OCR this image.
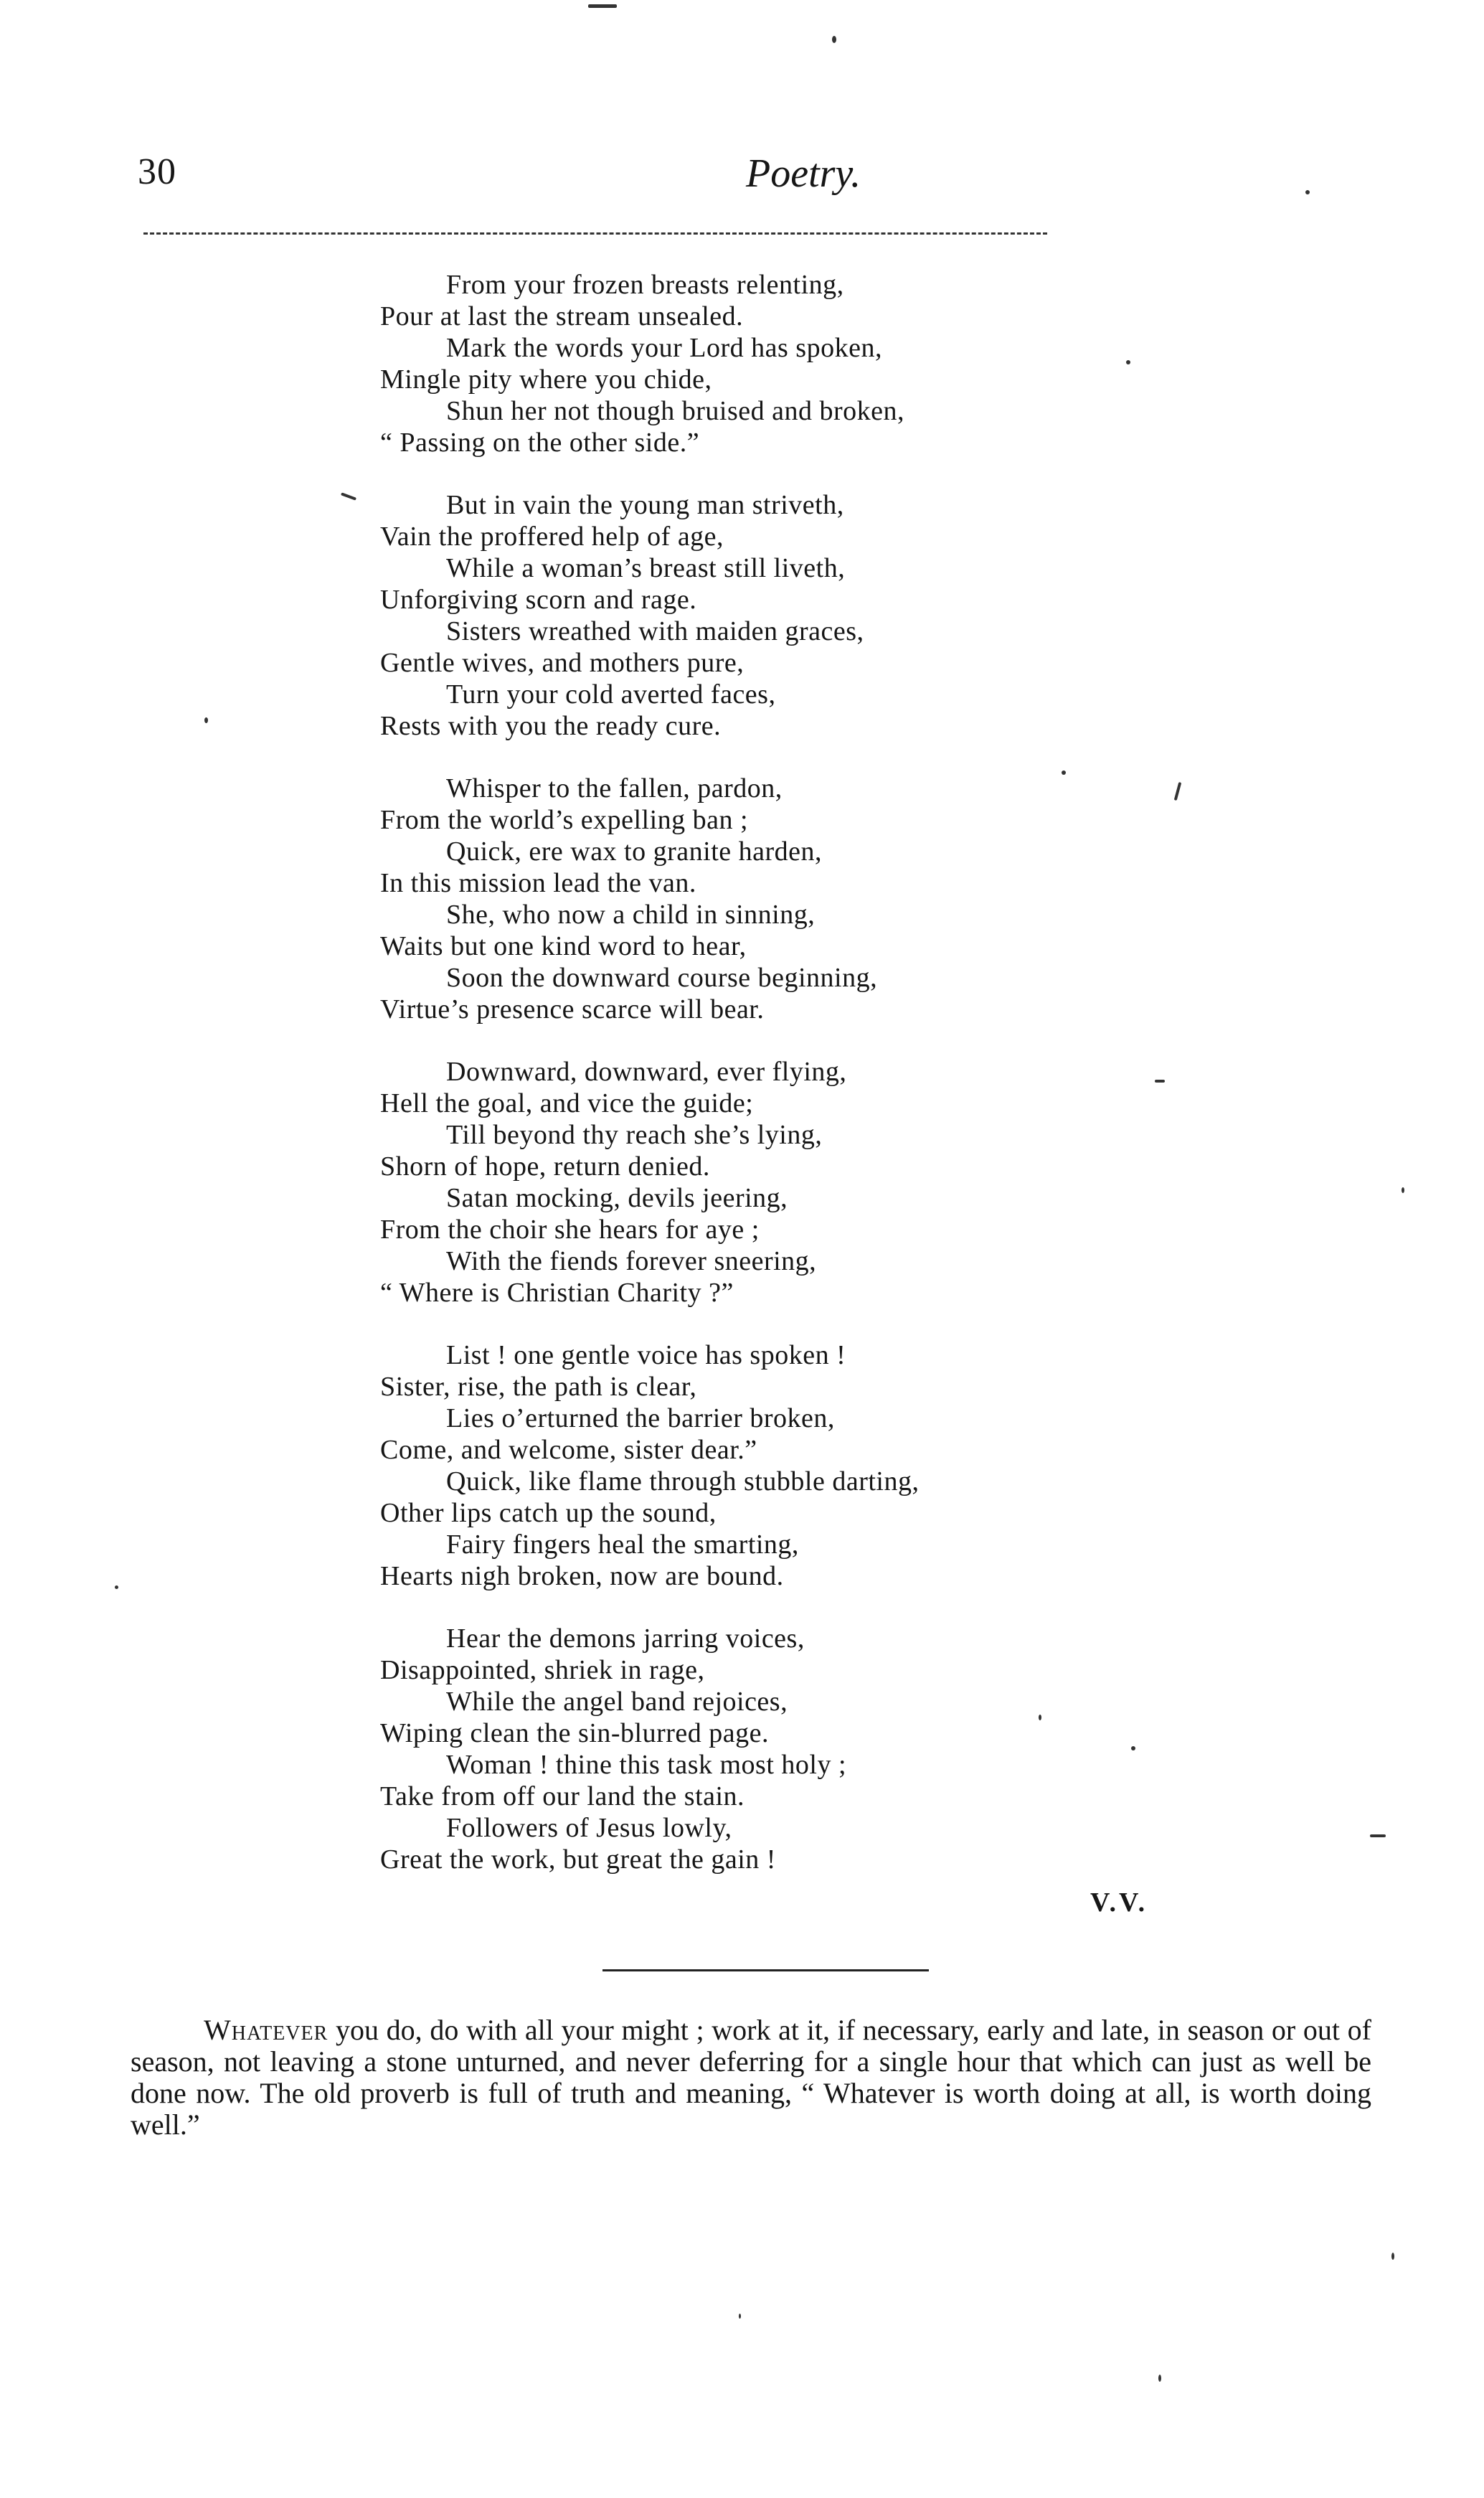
30	Poetry.
From your frozen breasts relenting,
Pour at last the stream unsealed.
Mark the words your Lord has spoken,
Mingle pity where you chide,
Shun her not though bruised and broken,
“ Passing on the other side.”
But in vain the young man striveth,
Vain the proffered help of age,
While a woman’s breast still liveth,
Unforgiving scorn and rage.
Sisters wreathed with maiden graces,
Gentle wives, and mothers pure,
Turn your cold averted faces,
Rests with you the ready cure.
Whisper to the fallen, pardon,
From the world’s expelling ban ;
Quick, ere wax to granite harden,
In this mission lead the van.
She, who now a child in sinning,
Waits but one kind word to hear,
Soon the downward course beginning,
Virtue’s presence scarce will bear.
Downward, downward, ever flying,
Hell the goal, and vice the guide;
Till beyond thy reach she’s lying,
Shorn of hope, return denied.
Satan mocking, devils jeering,
From the choir she hears for aye ;
With the fiends forever sneering,
“ Where is Christian Charity ?”
List ! one gentle voice has spoken !
Sister, rise, the path is clear,
Lies o’erturned the barrier broken,
Come, and welcome, sister dear.”
Quick, like flame through stubble darting,
Other lips catch up the sound,
Fairy fingers heal the smarting,
Hearts nigh broken, now are bound.
Hear the demons jarring voices,
Disappointed, shriek in rage,
While the angel band rejoices,
Wiping clean the sin-blurred page.
Woman ! thine this task most holy ;
Take from off our land the stain.
Followers of Jesus lowly,
Great the work, but great the gain !
V.V.

Whatever you do, do with all your might ; work at it, if necessary, early and late, in season or out of season, not leaving a stone unturned, and never deferring for a single hour that which can just as well be done now. The old proverb is full of truth and meaning, “ Whatever is worth doing at all, is worth doing well.”
